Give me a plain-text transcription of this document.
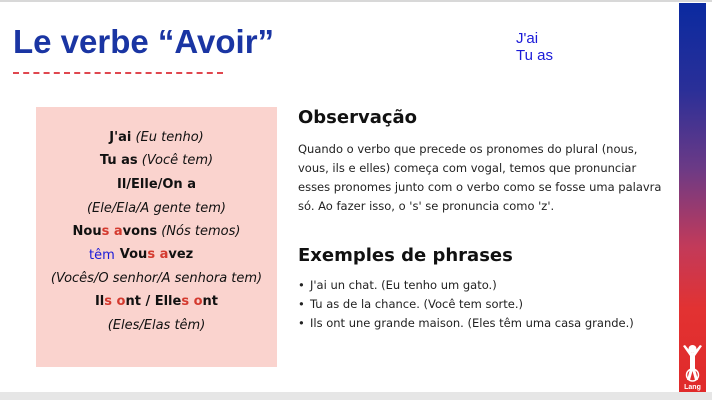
Le verbe “Avoir”	J'ai
Tu as
J'ai (Eu tenho)
Tu as (Você tem)
Il/Elle/On a
(Ele/Ela/A gente tem)
Nous avons (Nós temos)
Vous avez
(Vocês/O senhor/A senhora tem)
Ils ont / Elles ont
(Eles/Elas têm)
têm
Observação

Quando o verbo que precede os pronomes do plural (nous, vous, ils e elles) começa com vogal, temos que pronunciar esses pronomes junto com o verbo como se fosse uma palavra só. Ao fazer isso, o 's' se pronuncia como 'z'.

Exemples de phrases
• J'ai un chat. (Eu tenho um gato.)
• Tu as de la chance. (Você tem sorte.)
• Ils ont une grande maison. (Eles têm uma casa grande.)
Lang
